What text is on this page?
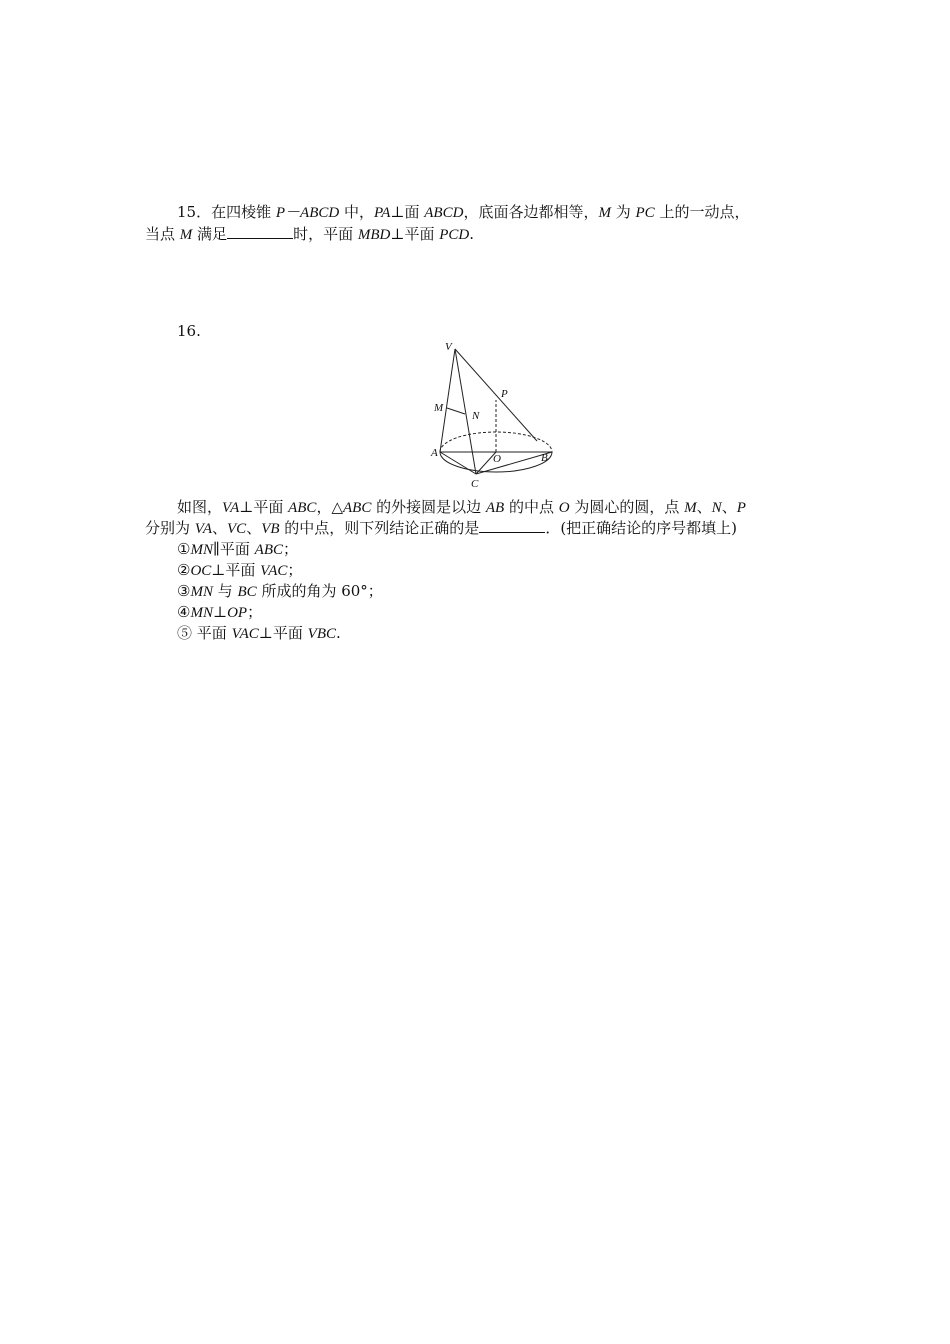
15．在四棱锥 P－ABCD 中，PA⊥面 ABCD，底面各边都相等，M 为 PC 上的一动点，
当点 M 满足	时，平面 MBD⊥平面 PCD.
16.
V
P
M
N
A	O	B
C
如图，VA⊥平面 ABC，△ABC 的外接圆是以边 AB 的中点 O 为圆心的圆，点 M、N、P
分别为 VA、VC、VB 的中点，则下列结论正确的是	．(把正确结论的序号都填上)
①MN∥平面 ABC；
②OC⊥平面 VAC；
③MN 与 BC 所成的角为 60°；
④MN⊥OP；
⑤ 平面 VAC⊥平面 VBC.
